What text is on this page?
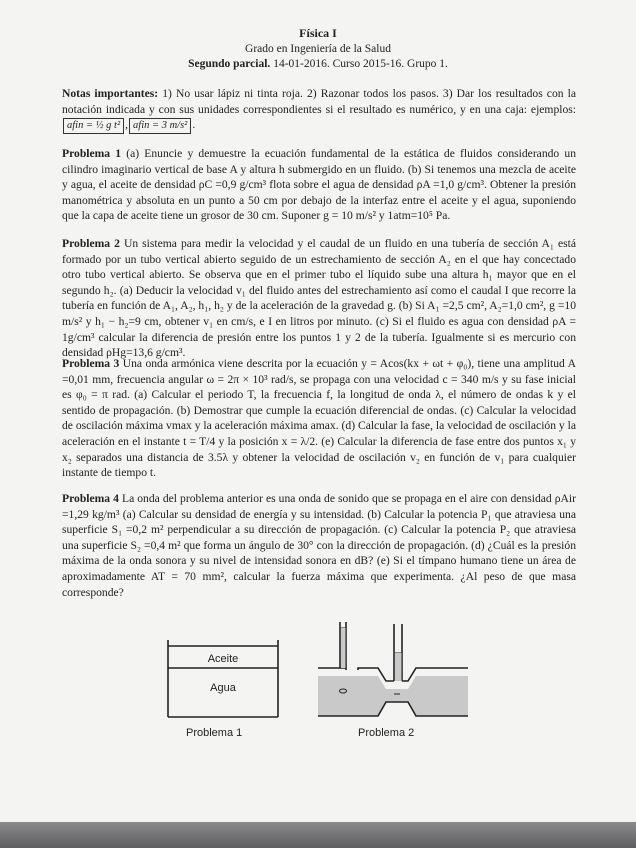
Física I
Grado en Ingeniería de la Salud
Segundo parcial. 14-01-2016. Curso 2015-16. Grupo 1.
Notas importantes: 1) No usar lápiz ni tinta roja. 2) Razonar todos los pasos. 3) Dar los resultados con la notación indicada y con sus unidades correspondientes si el resultado es numérico, y en una caja: ejemplos: afin = ½ g t² , afin = 3 m/s² .
Problema 1 (a) Enuncie y demuestre la ecuación fundamental de la estática de fluidos considerando un cilindro imaginario vertical de base A y altura h submergido en un fluido. (b) Si tenemos una mezcla de aceite y agua, el aceite de densidad ρC =0,9 g/cm³ flota sobre el agua de densidad ρA =1,0 g/cm³. Obtener la presión manométrica y absoluta en un punto a 50 cm por debajo de la interfaz entre el aceite y el agua, suponiendo que la capa de aceite tiene un grosor de 30 cm. Suponer g = 10 m/s² y 1atm=10⁵ Pa.
Problema 2 Un sistema para medir la velocidad y el caudal de un fluido en una tubería de sección A₁ está formado por un tubo vertical abierto seguido de un estrechamiento de sección A₂ en el que hay concectado otro tubo vertical abierto. Se observa que en el primer tubo el líquido sube una altura h₁ mayor que en el segundo h₂. (a) Deducir la velocidad v₁ del fluido antes del estrechamiento así como el caudal I que recorre la tubería en función de A₁, A₂, h₁, h₂ y de la aceleración de la gravedad g. (b) Si A₁ =2,5 cm², A₂=1,0 cm², g =10 m/s² y h₁ − h₂=9 cm, obtener v₁ en cm/s, e I en litros por minuto. (c) Si el fluido es agua con densidad ρA = 1g/cm³ calcular la diferencia de presión entre los puntos 1 y 2 de la tubería. Igualmente si es mercurio con densidad ρHg=13,6 g/cm³.
Problema 3 Una onda armónica viene descrita por la ecuación y = Acos(kx + ωt + φ₀), tiene una amplitud A =0,01 mm, frecuencia angular ω = 2π × 10³ rad/s, se propaga con una velocidad c = 340 m/s y su fase inicial es φ₀ = π rad. (a) Calcular el periodo T, la frecuencia f, la longitud de onda λ, el número de ondas k y el sentido de propagación. (b) Demostrar que cumple la ecuación diferencial de ondas. (c) Calcular la velocidad de oscilación máxima vmax y la aceleración máxima amax. (d) Calcular la fase, la velocidad de oscilación y la aceleración en el instante t = T/4 y la posición x = λ/2. (e) Calcular la diferencia de fase entre dos puntos x₁ y x₂ separados una distancia de 3.5λ y obtener la velocidad de oscilación v₂ en función de v₁ para cualquier instante de tiempo t.
Problema 4 La onda del problema anterior es una onda de sonido que se propaga en el aire con densidad ρAir =1,29 kg/m³ (a) Calcular su densidad de energía y su intensidad. (b) Calcular la potencia P₁ que atraviesa una superficie S₁ =0,2 m² perpendicular a su dirección de propagación. (c) Calcular la potencia P₂ que atraviesa una superficie S₂ =0,4 m² que forma un ángulo de 30° con la dirección de propagación. (d) ¿Cuál es la presión máxima de la onda sonora y su nivel de intensidad sonora en dB? (e) Si el tímpano humano tiene un área de aproximadamente AT = 70 mm², calcular la fuerza máxima que experimenta. ¿Al peso de que masa corresponde?
Aceite
Agua
Problema 1	Problema 2
